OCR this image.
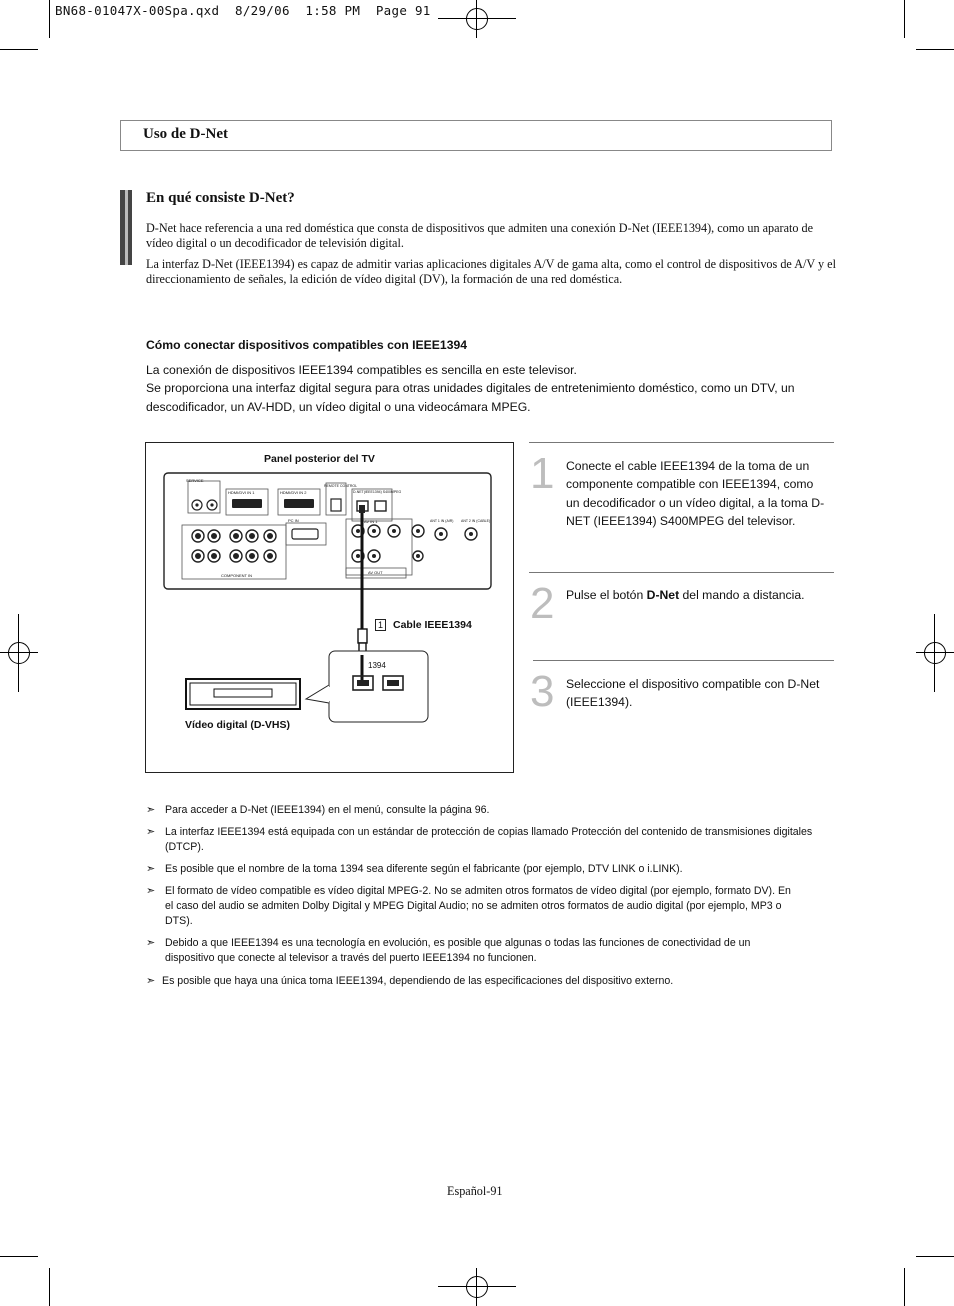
BN68-01047X-00Spa.qxd  8/29/06  1:58 PM  Page 91
Uso de D-Net
En qué consiste D-Net?
D-Net hace referencia a una red doméstica que consta de dispositivos que admiten una conexión D-Net (IEEE1394), como un aparato de vídeo digital o un decodificador de televisión digital.
La interfaz D-Net (IEEE1394) es capaz de admitir varias aplicaciones digitales A/V de gama alta, como el control de dispositivos de A/V y el direccionamiento de señales, la edición de vídeo digital (DV), la formación de una red doméstica.
Cómo conectar dispositivos compatibles con IEEE1394
La conexión de dispositivos IEEE1394 compatibles es sencilla en este televisor.
Se proporciona una interfaz digital segura para otras unidades digitales de entretenimiento doméstico, como un DTV, un descodificador, un AV-HDD, un vídeo digital o una videocámara MPEG.
Panel posterior del TV
SERVICE
HDMI/DVI IN 1	HDMI/DVI IN 2
REMOTE CONTROL
D-NET(IEEE1394) S400MPEG
ANT 1 IN (AIR) ANT 2 IN (CABLE)
PC IN	AV IN 1
COMPONENT IN
AV OUT
1 Cable IEEE1394
1394
Vídeo digital (D-VHS)
1 Conecte el cable IEEE1394 de la toma de un componente compatible con IEEE1394, como un decodificador o un vídeo digital, a la toma D-NET (IEEE1394) S400MPEG del televisor.
2 Pulse el botón D-Net del mando a distancia.
3 Seleccione el dispositivo compatible con D-Net (IEEE1394).
➣ Para acceder a D-Net (IEEE1394) en el menú, consulte la página 96.
➣ La interfaz IEEE1394 está equipada con un estándar de protección de copias llamado Protección del contenido de transmisiones digitales (DTCP).
➣ Es posible que el nombre de la toma 1394 sea diferente según el fabricante (por ejemplo, DTV LINK o i.LINK).
➣ El formato de vídeo compatible es vídeo digital MPEG-2. No se admiten otros formatos de vídeo digital (por ejemplo, formato DV). En el caso del audio se admiten Dolby Digital y MPEG Digital Audio; no se admiten otros formatos de audio digital (por ejemplo, MP3 o DTS).
➣ Debido a que IEEE1394 es una tecnología en evolución, es posible que algunas o todas las funciones de conectividad de un dispositivo que conecte al televisor a través del puerto IEEE1394 no funcionen.
➣ Es posible que haya una única toma IEEE1394, dependiendo de las especificaciones del dispositivo externo.
Español-91
